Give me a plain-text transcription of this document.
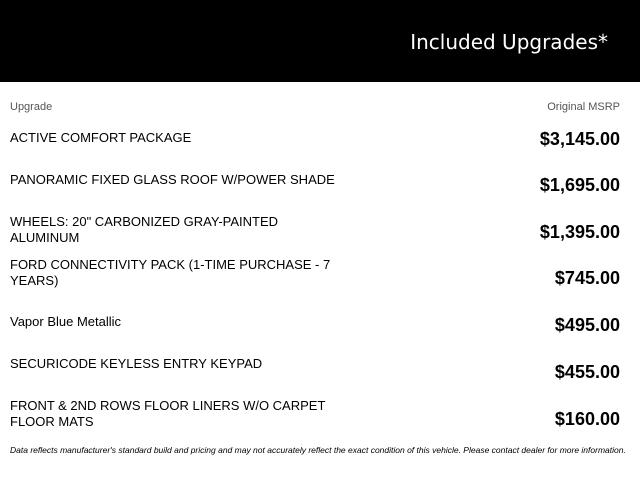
Included Upgrades*
Upgrade	Original MSRP
ACTIVE COMFORT PACKAGE	$3,145.00
PANORAMIC FIXED GLASS ROOF W/POWER SHADE	$1,695.00
WHEELS: 20" CARBONIZED GRAY-PAINTED ALUMINUM	$1,395.00
FORD CONNECTIVITY PACK (1-TIME PURCHASE - 7 YEARS)	$745.00
Vapor Blue Metallic	$495.00
SECURICODE KEYLESS ENTRY KEYPAD	$455.00
FRONT & 2ND ROWS FLOOR LINERS W/O CARPET FLOOR MATS	$160.00
Data reflects manufacturer's standard build and pricing and may not accurately reflect the exact condition of this vehicle. Please contact dealer for more information.
